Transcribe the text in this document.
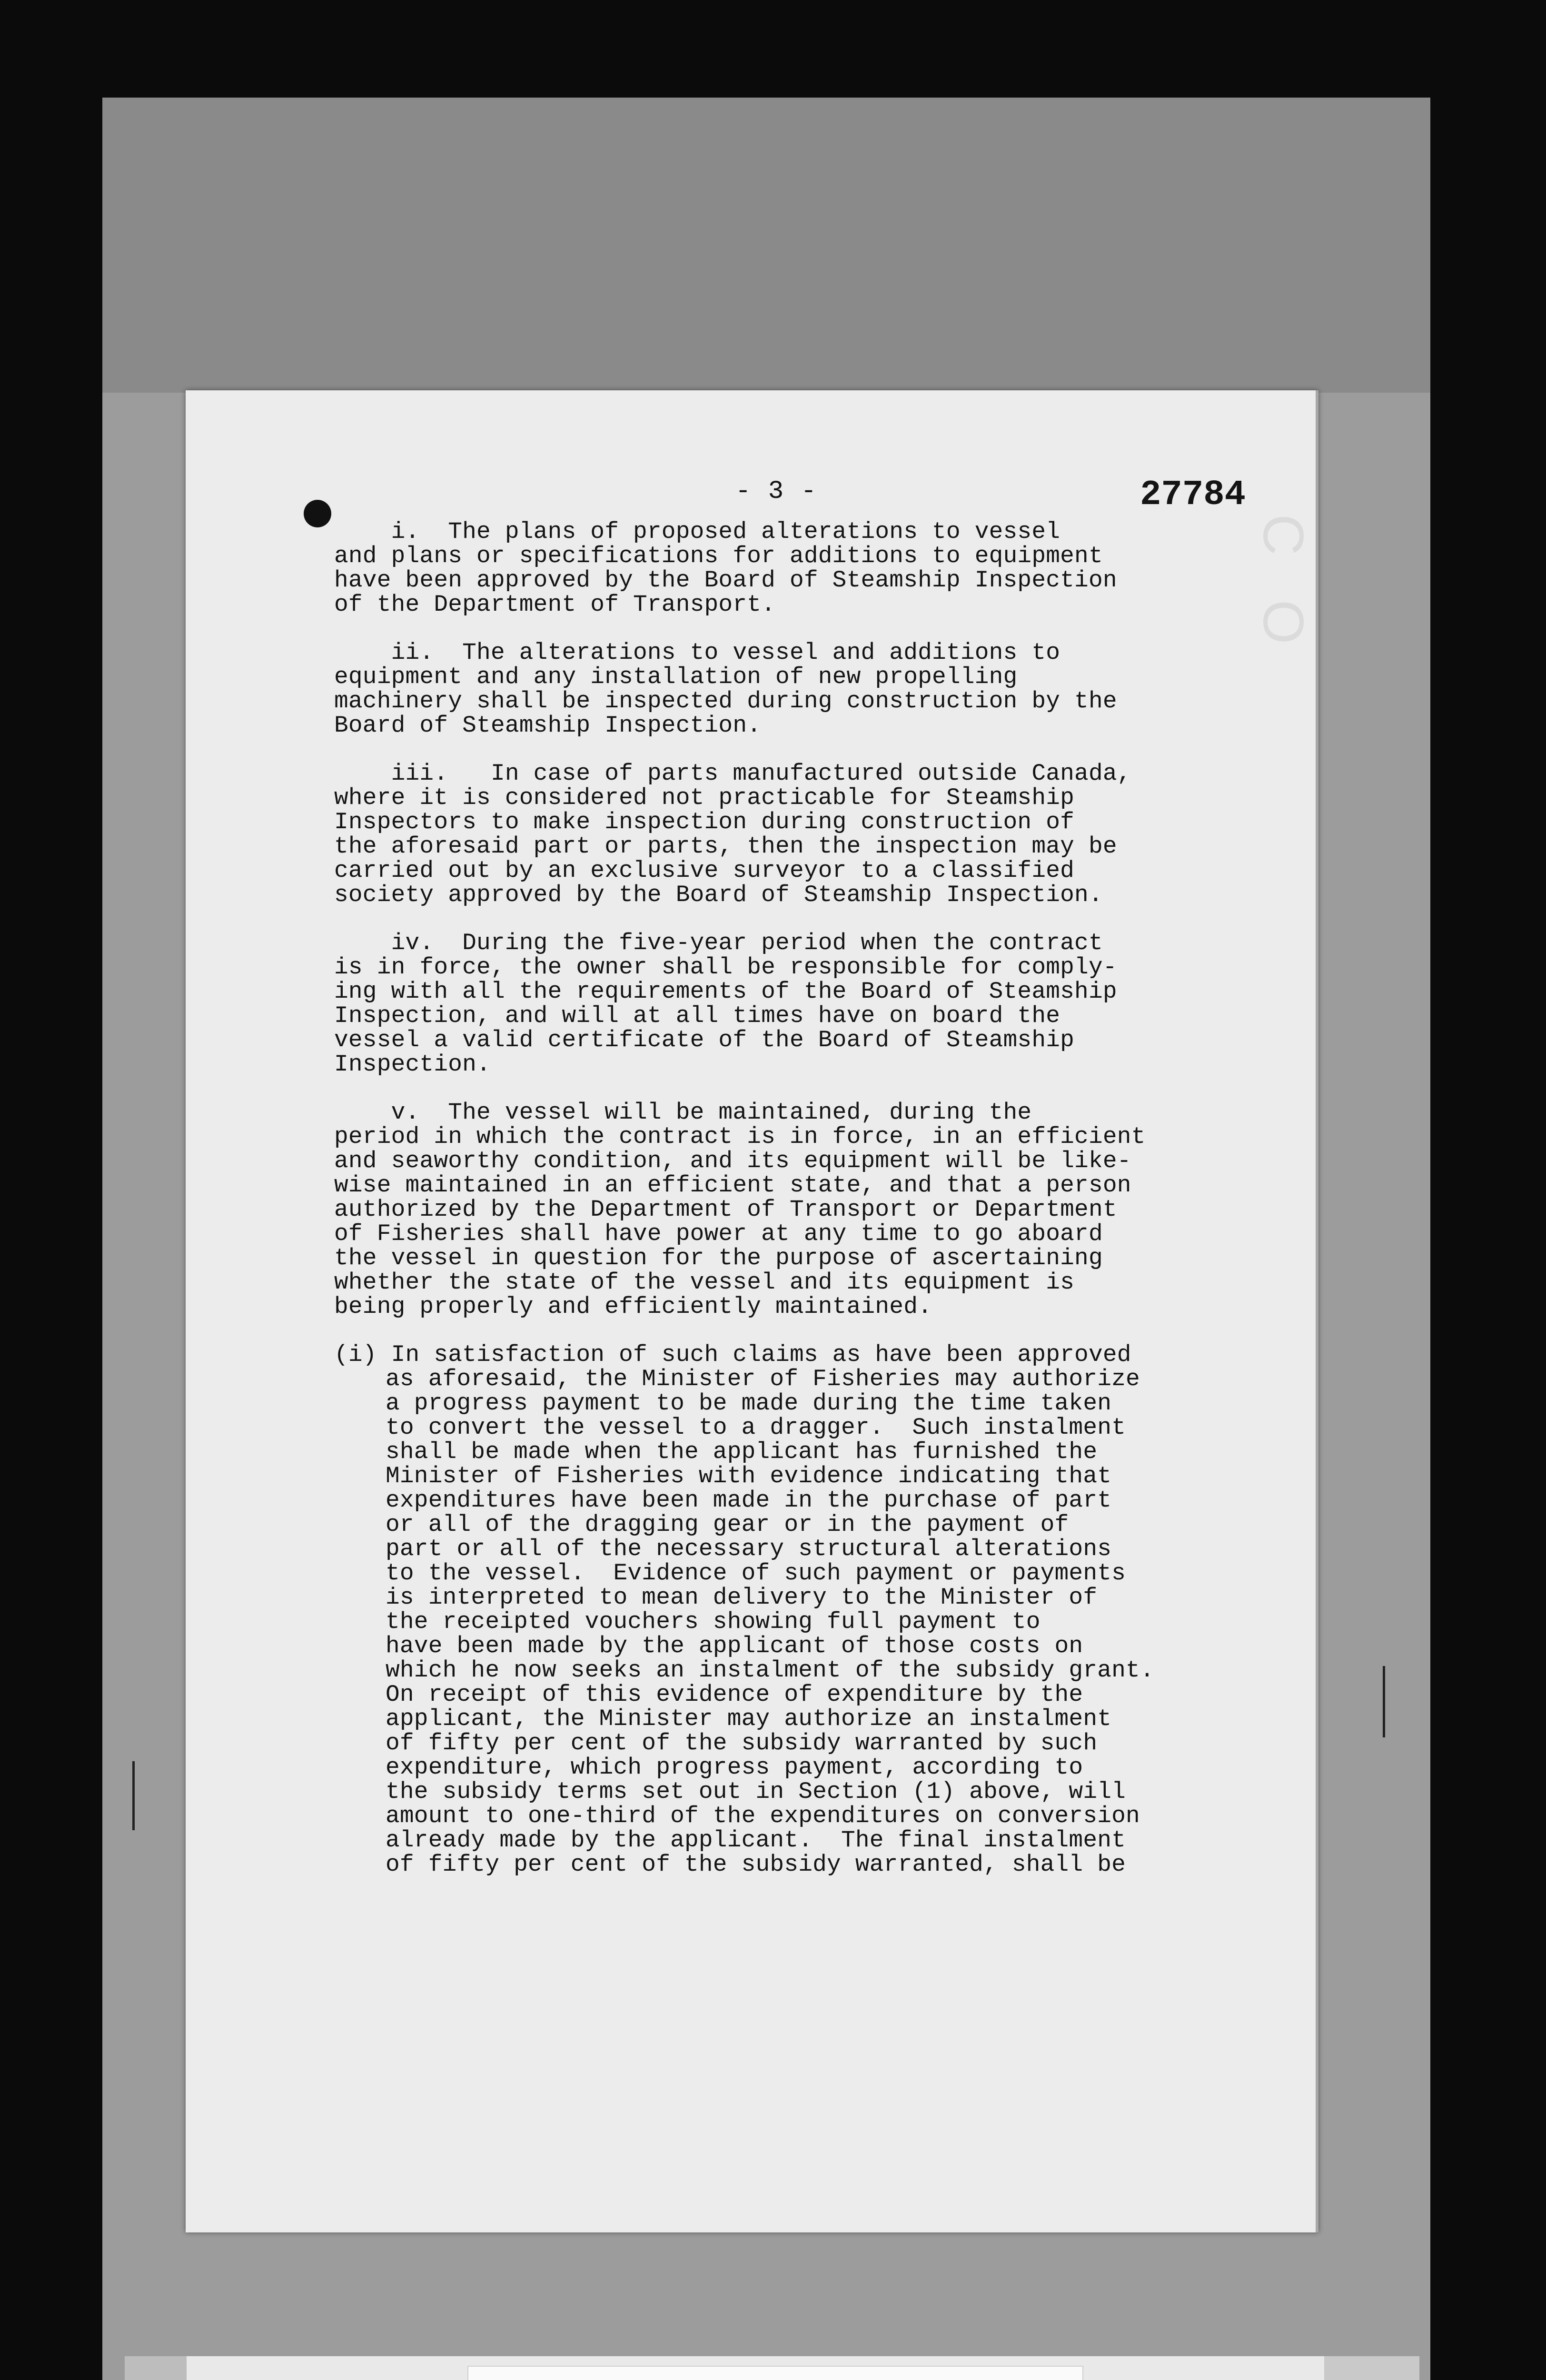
C O
- 3 -	27784
i.  The plans of proposed alterations to vessel
and plans or specifications for additions to equipment
have been approved by the Board of Steamship Inspection
of the Department of Transport.
ii.  The alterations to vessel and additions to
equipment and any installation of new propelling
machinery shall be inspected during construction by the
Board of Steamship Inspection.
iii.   In case of parts manufactured outside Canada,
where it is considered not practicable for Steamship
Inspectors to make inspection during construction of
the aforesaid part or parts, then the inspection may be
carried out by an exclusive surveyor to a classified
society approved by the Board of Steamship Inspection.
iv.  During the five-year period when the contract
is in force, the owner shall be responsible for comply-
ing with all the requirements of the Board of Steamship
Inspection, and will at all times have on board the
vessel a valid certificate of the Board of Steamship
Inspection.
v.  The vessel will be maintained, during the
period in which the contract is in force, in an efficient
and seaworthy condition, and its equipment will be like-
wise maintained in an efficient state, and that a person
authorized by the Department of Transport or Department
of Fisheries shall have power at any time to go aboard
the vessel in question for the purpose of ascertaining
whether the state of the vessel and its equipment is
being properly and efficiently maintained.
(i) In satisfaction of such claims as have been approved
as aforesaid, the Minister of Fisheries may authorize
a progress payment to be made during the time taken
to convert the vessel to a dragger.  Such instalment
shall be made when the applicant has furnished the
Minister of Fisheries with evidence indicating that
expenditures have been made in the purchase of part
or all of the dragging gear or in the payment of
part or all of the necessary structural alterations
to the vessel.  Evidence of such payment or payments
is interpreted to mean delivery to the Minister of
the receipted vouchers showing full payment to
have been made by the applicant of those costs on
which he now seeks an instalment of the subsidy grant.
On receipt of this evidence of expenditure by the
applicant, the Minister may authorize an instalment
of fifty per cent of the subsidy warranted by such
expenditure, which progress payment, according to
the subsidy terms set out in Section (1) above, will
amount to one-third of the expenditures on conversion
already made by the applicant.  The final instalment
of fifty per cent of the subsidy warranted, shall be
